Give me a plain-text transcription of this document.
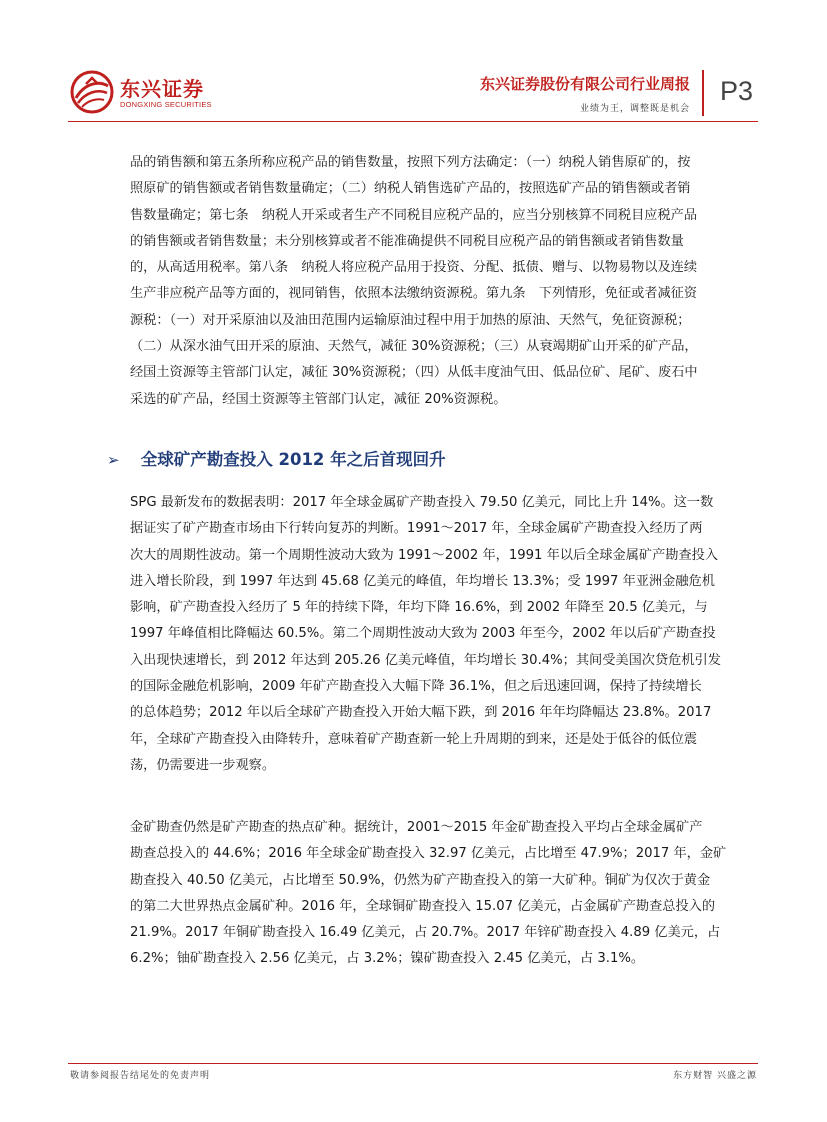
东兴证券
DONGXING SECURITIES
东兴证券股份有限公司行业周报
业绩为王，调整既是机会
P3

品的销售额和第五条所称应税产品的销售数量，按照下列方法确定：（一）纳税人销售原矿的，按

照原矿的销售额或者销售数量确定；（二）纳税人销售选矿产品的，按照选矿产品的销售额或者销

售数量确定；第七条　纳税人开采或者生产不同税目应税产品的，应当分别核算不同税目应税产品

的销售额或者销售数量；未分别核算或者不能准确提供不同税目应税产品的销售额或者销售数量

的，从高适用税率。第八条　纳税人将应税产品用于投资、分配、抵债、赠与、以物易物以及连续

生产非应税产品等方面的，视同销售，依照本法缴纳资源税。第九条　下列情形，免征或者减征资

源税：（一）对开采原油以及油田范围内运输原油过程中用于加热的原油、天然气，免征资源税；

（二）从深水油气田开采的原油、天然气，减征 30%资源税；（三）从衰竭期矿山开采的矿产品，

经国土资源等主管部门认定，减征 30%资源税；（四）从低丰度油气田、低品位矿、尾矿、废石中

采选的矿产品，经国土资源等主管部门认定，减征 20%资源税。

➢ 全球矿产勘查投入 2012 年之后首现回升

SPG 最新发布的数据表明：2017 年全球金属矿产勘查投入 79.50 亿美元，同比上升 14%。这一数

据证实了矿产勘查市场由下行转向复苏的判断。1991～2017 年，全球金属矿产勘查投入经历了两

次大的周期性波动。第一个周期性波动大致为 1991～2002 年，1991 年以后全球金属矿产勘查投入

进入增长阶段，到 1997 年达到 45.68 亿美元的峰值，年均增长 13.3%；受 1997 年亚洲金融危机

影响，矿产勘查投入经历了 5 年的持续下降，年均下降 16.6%，到 2002 年降至 20.5 亿美元，与

1997 年峰值相比降幅达 60.5%。第二个周期性波动大致为 2003 年至今，2002 年以后矿产勘查投

入出现快速增长，到 2012 年达到 205.26 亿美元峰值，年均增长 30.4%；其间受美国次贷危机引发

的国际金融危机影响，2009 年矿产勘查投入大幅下降 36.1%，但之后迅速回调，保持了持续增长

的总体趋势；2012 年以后全球矿产勘查投入开始大幅下跌，到 2016 年年均降幅达 23.8%。2017

年，全球矿产勘查投入由降转升，意味着矿产勘查新一轮上升周期的到来，还是处于低谷的低位震

荡，仍需要进一步观察。

金矿勘查仍然是矿产勘查的热点矿种。据统计，2001～2015 年金矿勘查投入平均占全球金属矿产

勘查总投入的 44.6%；2016 年全球金矿勘查投入 32.97 亿美元，占比增至 47.9%；2017 年，金矿

勘查投入 40.50 亿美元，占比增至 50.9%，仍然为矿产勘查投入的第一大矿种。铜矿为仅次于黄金

的第二大世界热点金属矿种。2016 年，全球铜矿勘查投入 15.07 亿美元，占金属矿产勘查总投入的

21.9%。2017 年铜矿勘查投入 16.49 亿美元，占 20.7%。2017 年锌矿勘查投入 4.89 亿美元，占

6.2%；铀矿勘查投入 2.56 亿美元，占 3.2%；镍矿勘查投入 2.45 亿美元，占 3.1%。

敬请参阅报告结尾处的免责声明	东方财智 兴盛之源
